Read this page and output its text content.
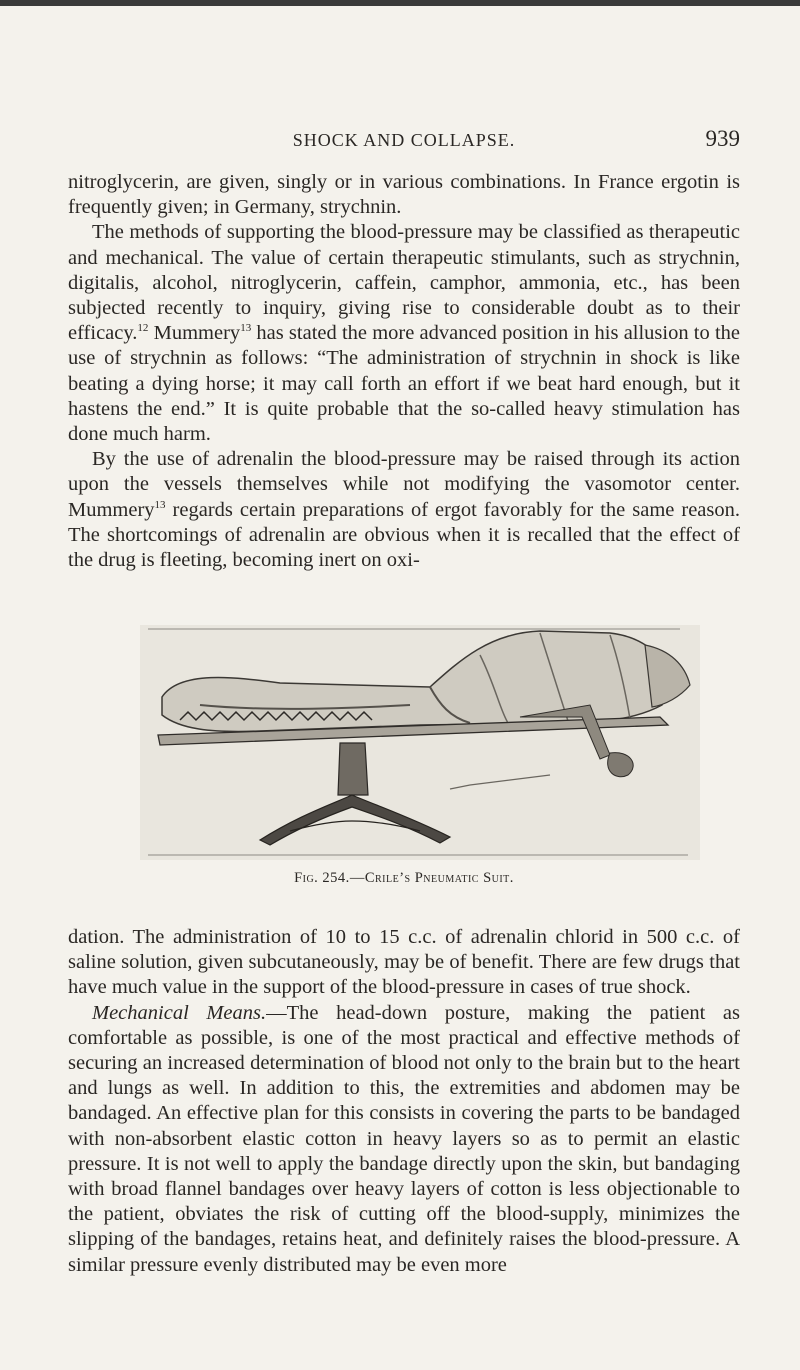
SHOCK AND COLLAPSE.	939

nitroglycerin, are given, singly or in various combinations. In France ergotin is frequently given; in Germany, strychnin.

The methods of supporting the blood-pressure may be classified as therapeutic and mechanical. The value of certain therapeutic stimulants, such as strychnin, digitalis, alcohol, nitroglycerin, caffein, camphor, ammonia, etc., has been subjected recently to inquiry, giving rise to considerable doubt as to their efficacy.$^{12}$ Mummery$^{13}$ has stated the more advanced position in his allusion to the use of strychnin as follows: “The administration of strychnin in shock is like beating a dying horse; it may call forth an effort if we beat hard enough, but it hastens the end.” It is quite probable that the so-called heavy stimulation has done much harm.

By the use of adrenalin the blood-pressure may be raised through its action upon the vessels themselves while not modifying the vasomotor center. Mummery$^{13}$ regards certain preparations of ergot favorably for the same reason. The shortcomings of adrenalin are obvious when it is recalled that the effect of the drug is fleeting, becoming inert on oxi-

Fig. 254.—Crile’s Pneumatic Suit.

dation. The administration of 10 to 15 c.c. of adrenalin chlorid in 500 c.c. of saline solution, given subcutaneously, may be of benefit. There are few drugs that have much value in the support of the blood-pressure in cases of true shock.

Mechanical Means.—The head-down posture, making the patient as comfortable as possible, is one of the most practical and effective methods of securing an increased determination of blood not only to the brain but to the heart and lungs as well. In addition to this, the extremities and abdomen may be bandaged. An effective plan for this consists in covering the parts to be bandaged with non-absorbent elastic cotton in heavy layers so as to permit an elastic pressure. It is not well to apply the bandage directly upon the skin, but bandaging with broad flannel bandages over heavy layers of cotton is less objectionable to the patient, obviates the risk of cutting off the blood-supply, minimizes the slipping of the bandages, retains heat, and definitely raises the blood-pressure. A similar pressure evenly distributed may be even more
